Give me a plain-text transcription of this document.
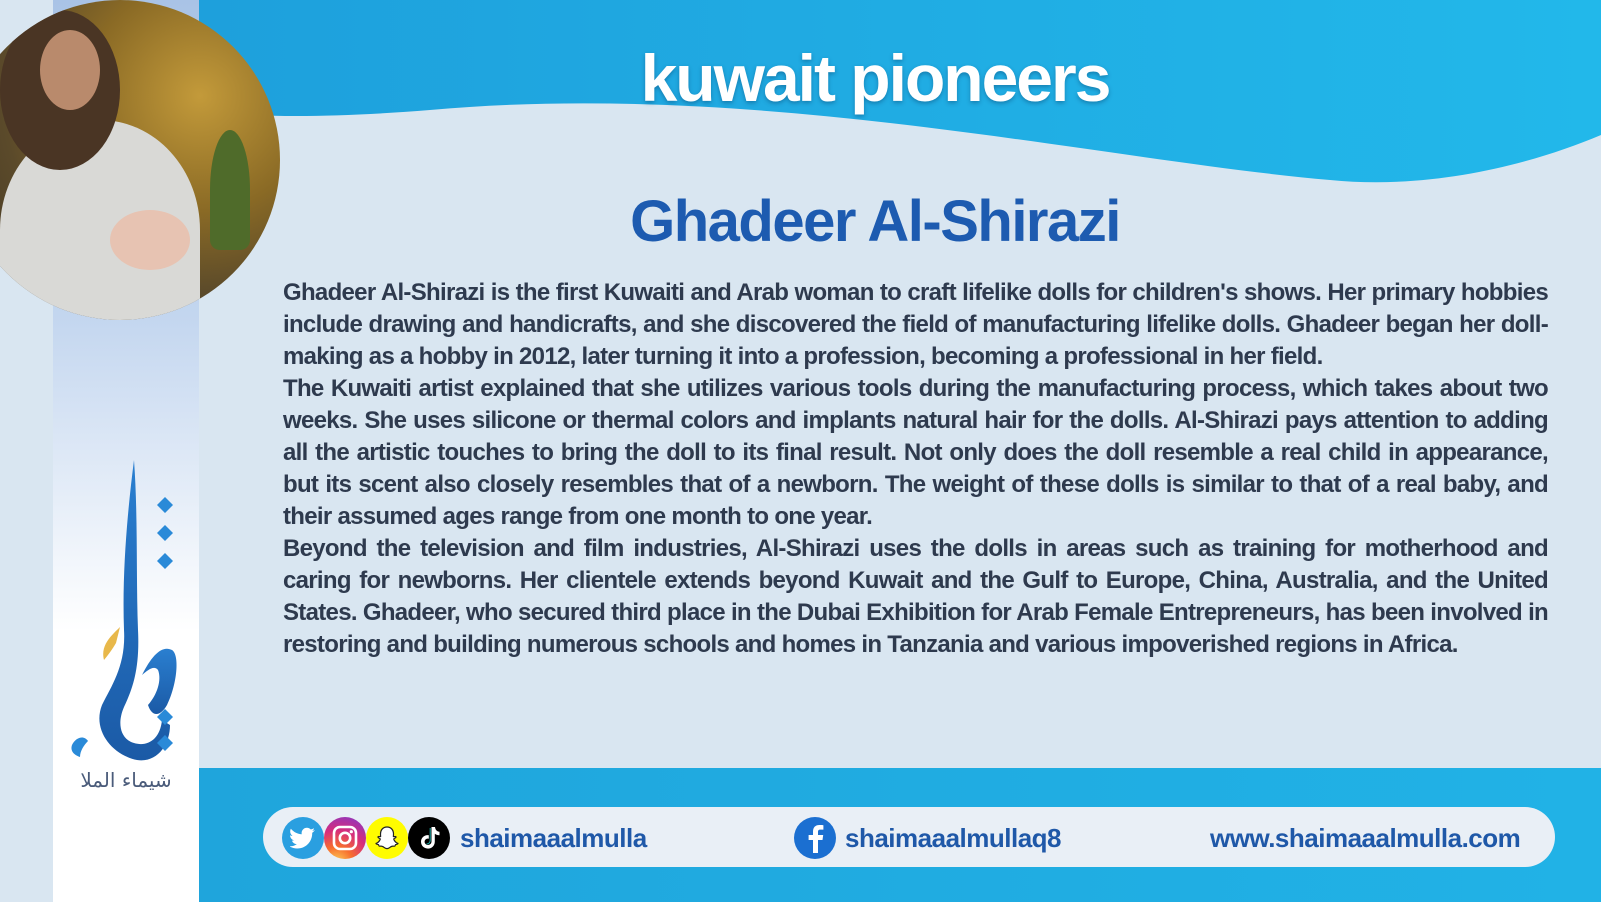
شيماء الملا
kuwait pioneers
Ghadeer Al-Shirazi

Ghadeer Al-Shirazi is the first Kuwaiti and Arab woman to craft lifelike dolls for children's shows. Her primary hobbies include drawing and handicrafts, and she discovered the field of manufacturing lifelike dolls. Ghadeer began her doll-making as a hobby in 2012, later turning it into a profession, becoming a professional in her field.

The Kuwaiti artist explained that she utilizes various tools during the manufacturing process, which takes about two weeks. She uses silicone or thermal colors and implants natural hair for the dolls. Al-Shirazi pays attention to adding all the artistic touches to bring the doll to its final result. Not only does the doll resemble a real child in appearance, but its scent also closely resembles that of a newborn. The weight of these dolls is similar to that of a real baby, and their assumed ages range from one month to one year.

Beyond the television and film industries, Al-Shirazi uses the dolls in areas such as training for motherhood and caring for newborns. Her clientele extends beyond Kuwait and the Gulf to Europe, China, Australia, and the United States. Ghadeer, who secured third place in the Dubai Exhibition for Arab Female Entrepreneurs, has been involved in restoring and building numerous schools and homes in Tanzania and various impoverished regions in Africa.

shaimaaalmulla	shaimaaalmullaq8	www.shaimaaalmulla.com
